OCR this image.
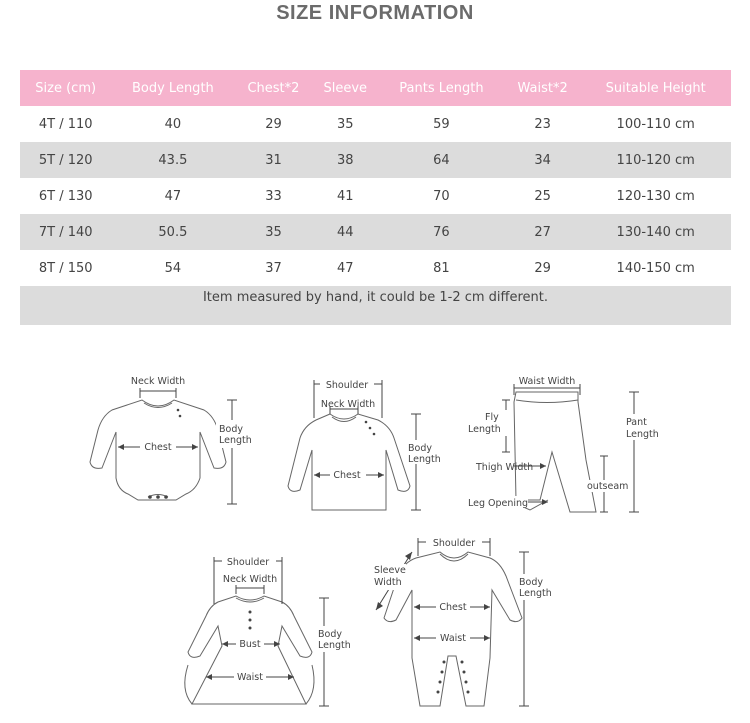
SIZE INFORMATION
Size (cm)	Body Length	Chest*2	Sleeve	Pants Length	Waist*2	Suitable Height
4T / 110	40	29	35	59	23	100-110 cm
5T / 120	43.5	31	38	64	34	110-120 cm
6T / 130	47	33	41	70	25	120-130 cm
7T / 140	50.5	35	44	76	27	130-140 cm
8T / 150	54	37	47	81	29	140-150 cm
Item measured by hand, it could be 1-2 cm different.						
Neck Width
Chest
Body
Length
Shoulder
Neck Width
Chest
Body
Length
Waist Width
Fly
Length
Pant
Length
Thigh Width
outseam
Leg Opening
Shoulder
Neck Width
Bust
Waist
Body
Length
Shoulder
Sleeve
Width
Chest
Waist
Body
Length
